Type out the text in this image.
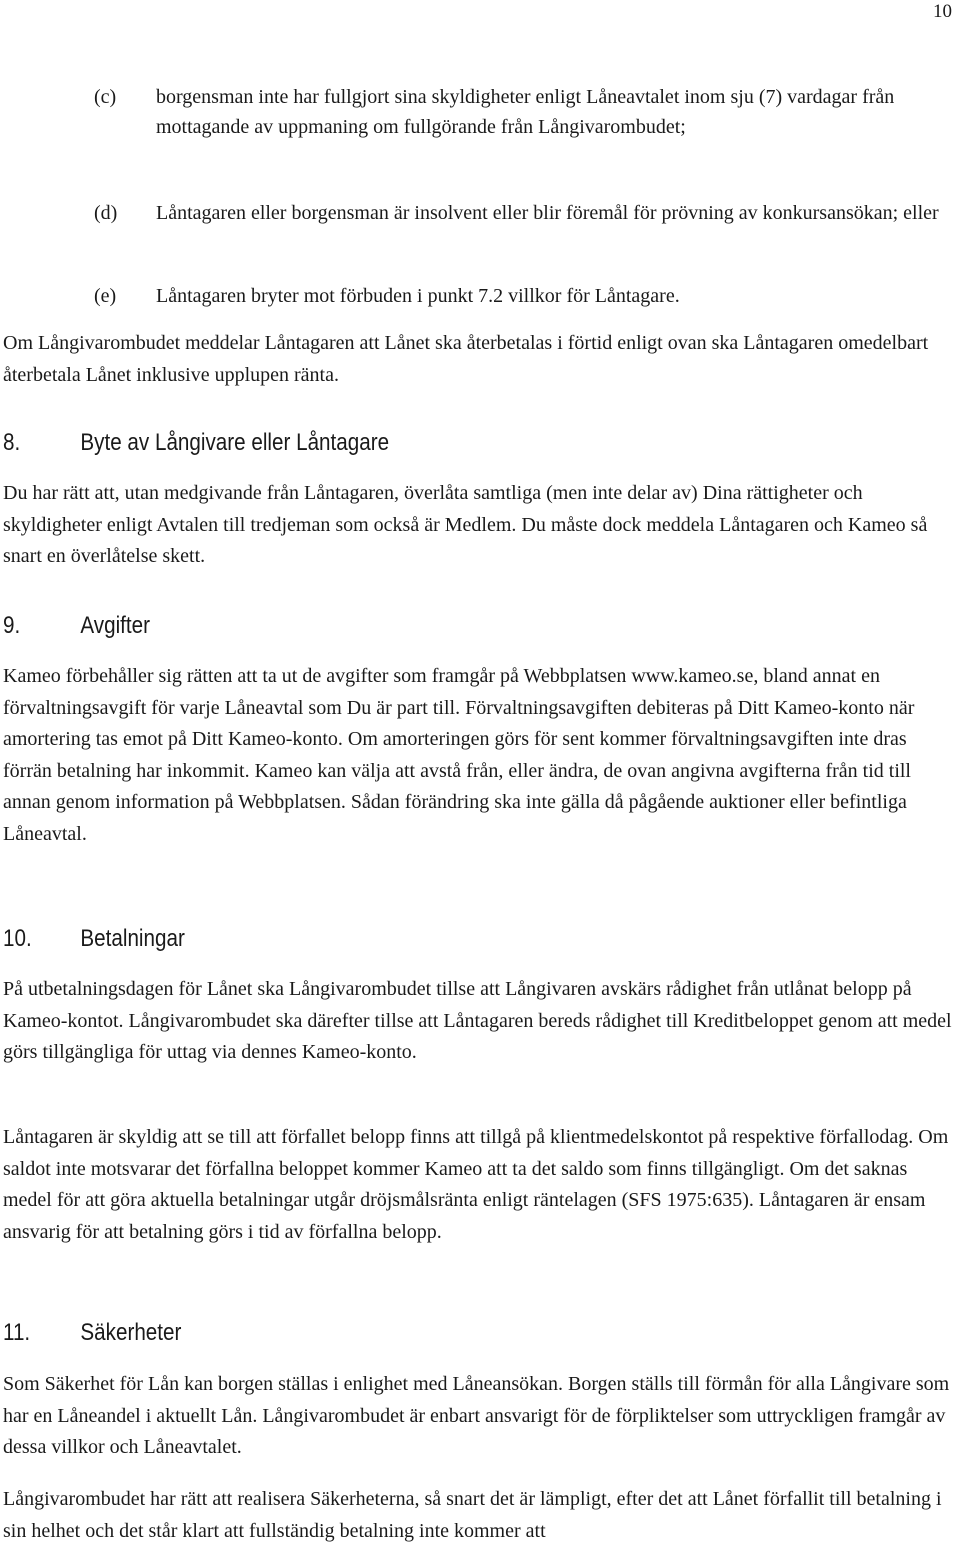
10
(c) borgensman inte har fullgjort sina skyldigheter enligt Låneavtalet inom sju (7) vardagar från mottagande av uppmaning om fullgörande från Långivarombudet;
(d) Låntagaren eller borgensman är insolvent eller blir föremål för prövning av konkursansökan; eller
(e) Låntagaren bryter mot förbuden i punkt 7.2 villkor för Låntagare.

Om Långivarombudet meddelar Låntagaren att Lånet ska återbetalas i förtid enligt ovan ska Låntagaren omedelbart återbetala Lånet inklusive upplupen ränta.

8.	Byte av Långivare eller Låntagare

Du har rätt att, utan medgivande från Låntagaren, överlåta samtliga (men inte delar av) Dina rättigheter och skyldigheter enligt Avtalen till tredjeman som också är Medlem. Du måste dock meddela Låntagaren och Kameo så snart en överlåtelse skett.

9.	Avgifter

Kameo förbehåller sig rätten att ta ut de avgifter som framgår på Webbplatsen www.kameo.se, bland annat en förvaltningsavgift för varje Låneavtal som Du är part till. Förvaltningsavgiften debiteras på Ditt Kameo-konto när amortering tas emot på Ditt Kameo-konto. Om amorteringen görs för sent kommer förvaltningsavgiften inte dras förrän betalning har inkommit. Kameo kan välja att avstå från, eller ändra, de ovan angivna avgifterna från tid till annan genom information på Webbplatsen. Sådan förändring ska inte gälla då pågående auktioner eller befintliga Låneavtal.

10. Betalningar

På utbetalningsdagen för Lånet ska Långivarombudet tillse att Långivaren avskärs rådighet från utlånat belopp på Kameo-kontot. Långivarombudet ska därefter tillse att Låntagaren bereds rådighet till Kreditbeloppet genom att medel görs tillgängliga för uttag via dennes Kameo-konto.

Låntagaren är skyldig att se till att förfallet belopp finns att tillgå på klientmedelskontot på respektive förfallodag. Om saldot inte motsvarar det förfallna beloppet kommer Kameo att ta det saldo som finns tillgängligt. Om det saknas medel för att göra aktuella betalningar utgår dröjsmålsränta enligt räntelagen (SFS 1975:635). Låntagaren är ensam ansvarig för att betalning görs i tid av förfallna belopp.

11. Säkerheter

Som Säkerhet för Lån kan borgen ställas i enlighet med Låneansökan. Borgen ställs till förmån för alla Långivare som har en Låneandel i aktuellt Lån. Långivarombudet är enbart ansvarigt för de förpliktelser som uttryckligen framgår av dessa villkor och Låneavtalet.

Långivarombudet har rätt att realisera Säkerheterna, så snart det är lämpligt, efter det att Lånet förfallit till betalning i sin helhet och det står klart att fullständig betalning inte kommer att
